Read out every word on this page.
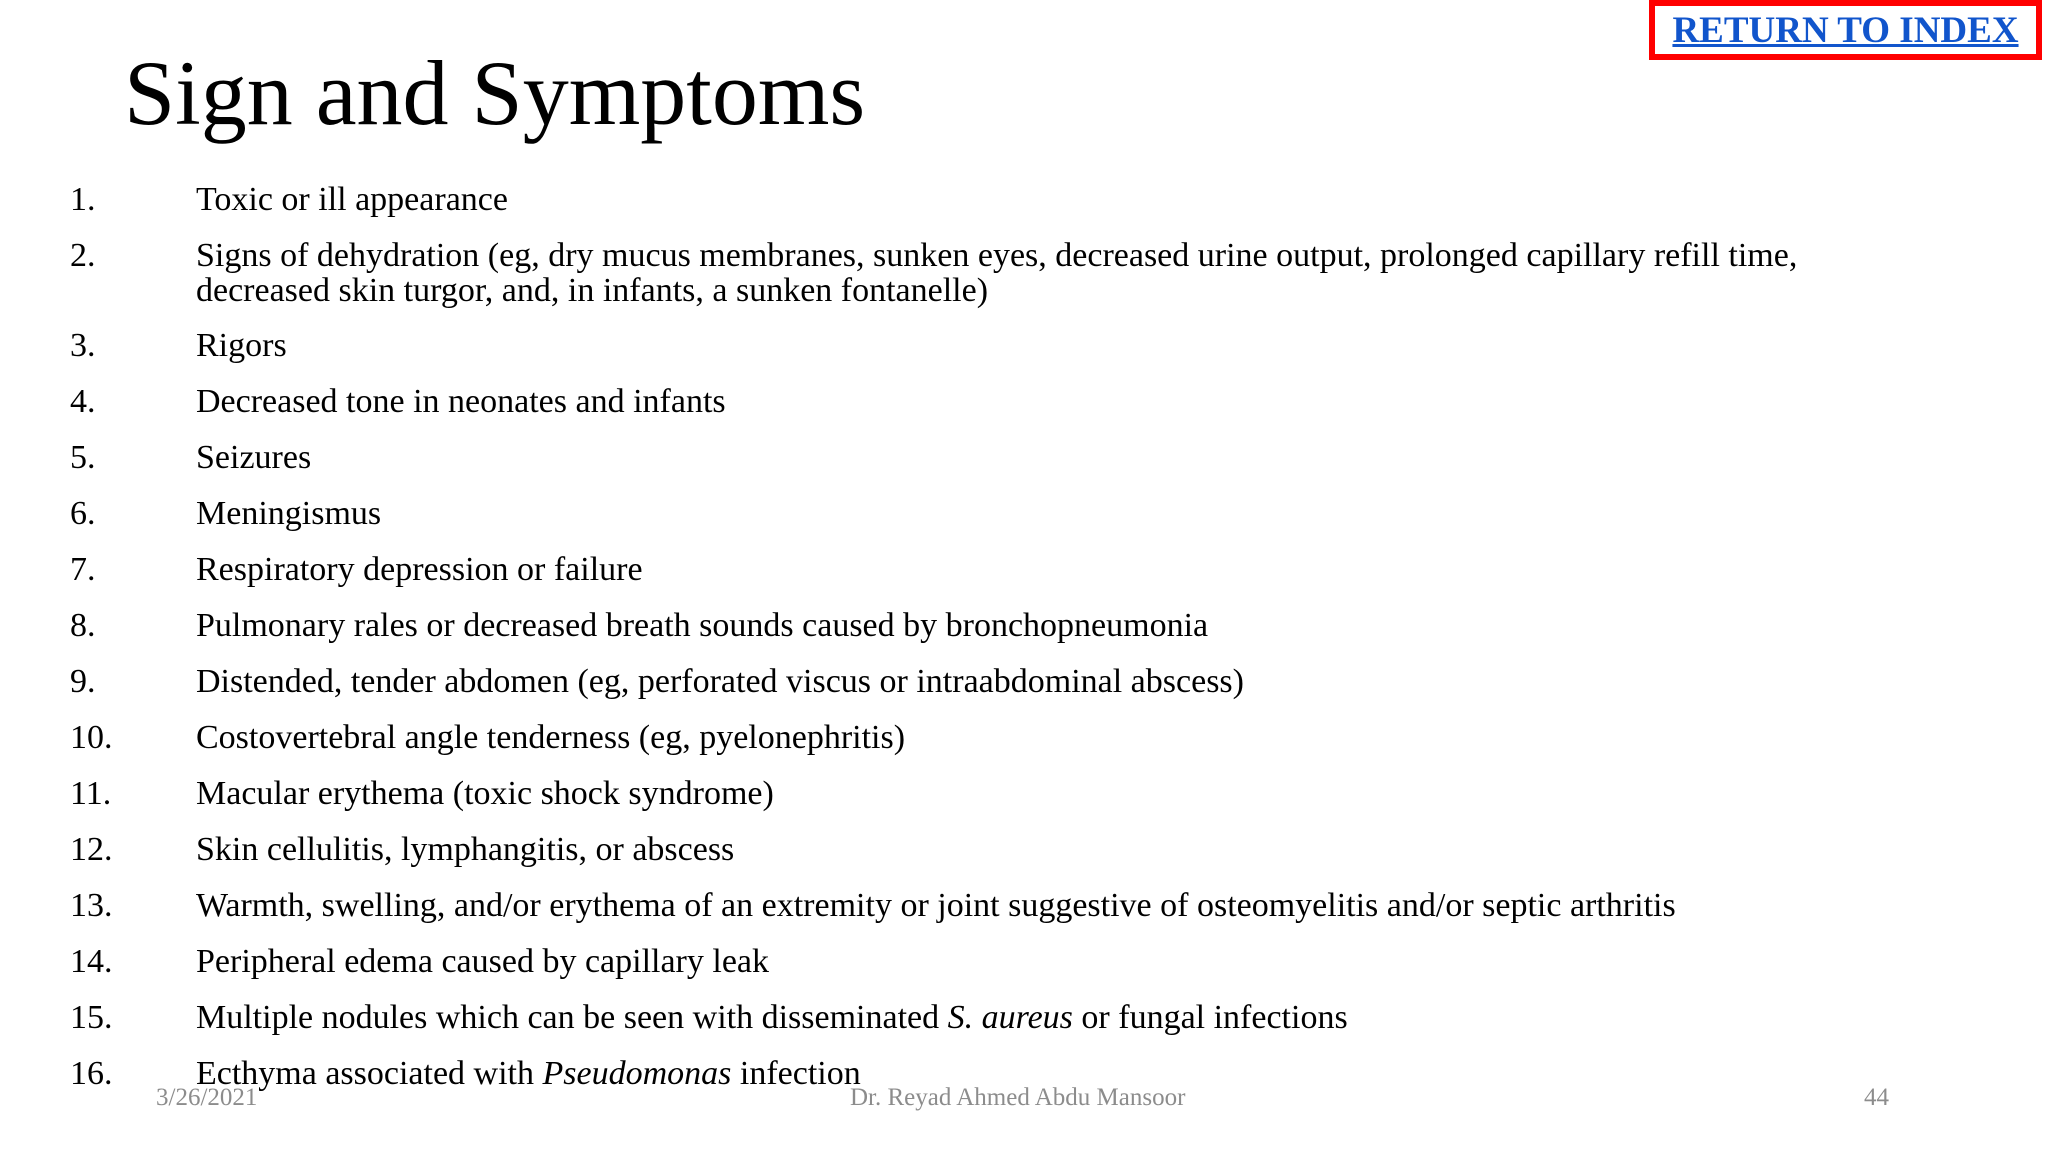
Sign and Symptoms
RETURN TO INDEX
1.	Toxic or ill appearance
2.	Signs of dehydration (eg, dry mucus membranes, sunken eyes, decreased urine output, prolonged capillary refill time, decreased skin turgor, and, in infants, a sunken fontanelle)
3.	Rigors
4.	Decreased tone in neonates and infants
5.	Seizures
6.	Meningismus
7.	Respiratory depression or failure
8.	Pulmonary rales or decreased breath sounds caused by bronchopneumonia
9.	Distended, tender abdomen (eg, perforated viscus or intraabdominal abscess)
10. Costovertebral angle tenderness (eg, pyelonephritis)
11. Macular erythema (toxic shock syndrome)
12. Skin cellulitis, lymphangitis, or abscess
13. Warmth, swelling, and/or erythema of an extremity or joint suggestive of osteomyelitis and/or septic arthritis
14. Peripheral edema caused by capillary leak
15. Multiple nodules which can be seen with disseminated S. aureus or fungal infections
16. Ecthyma associated with Pseudomonas infection
3/26/2021	Dr. Reyad Ahmed Abdu Mansoor	44
